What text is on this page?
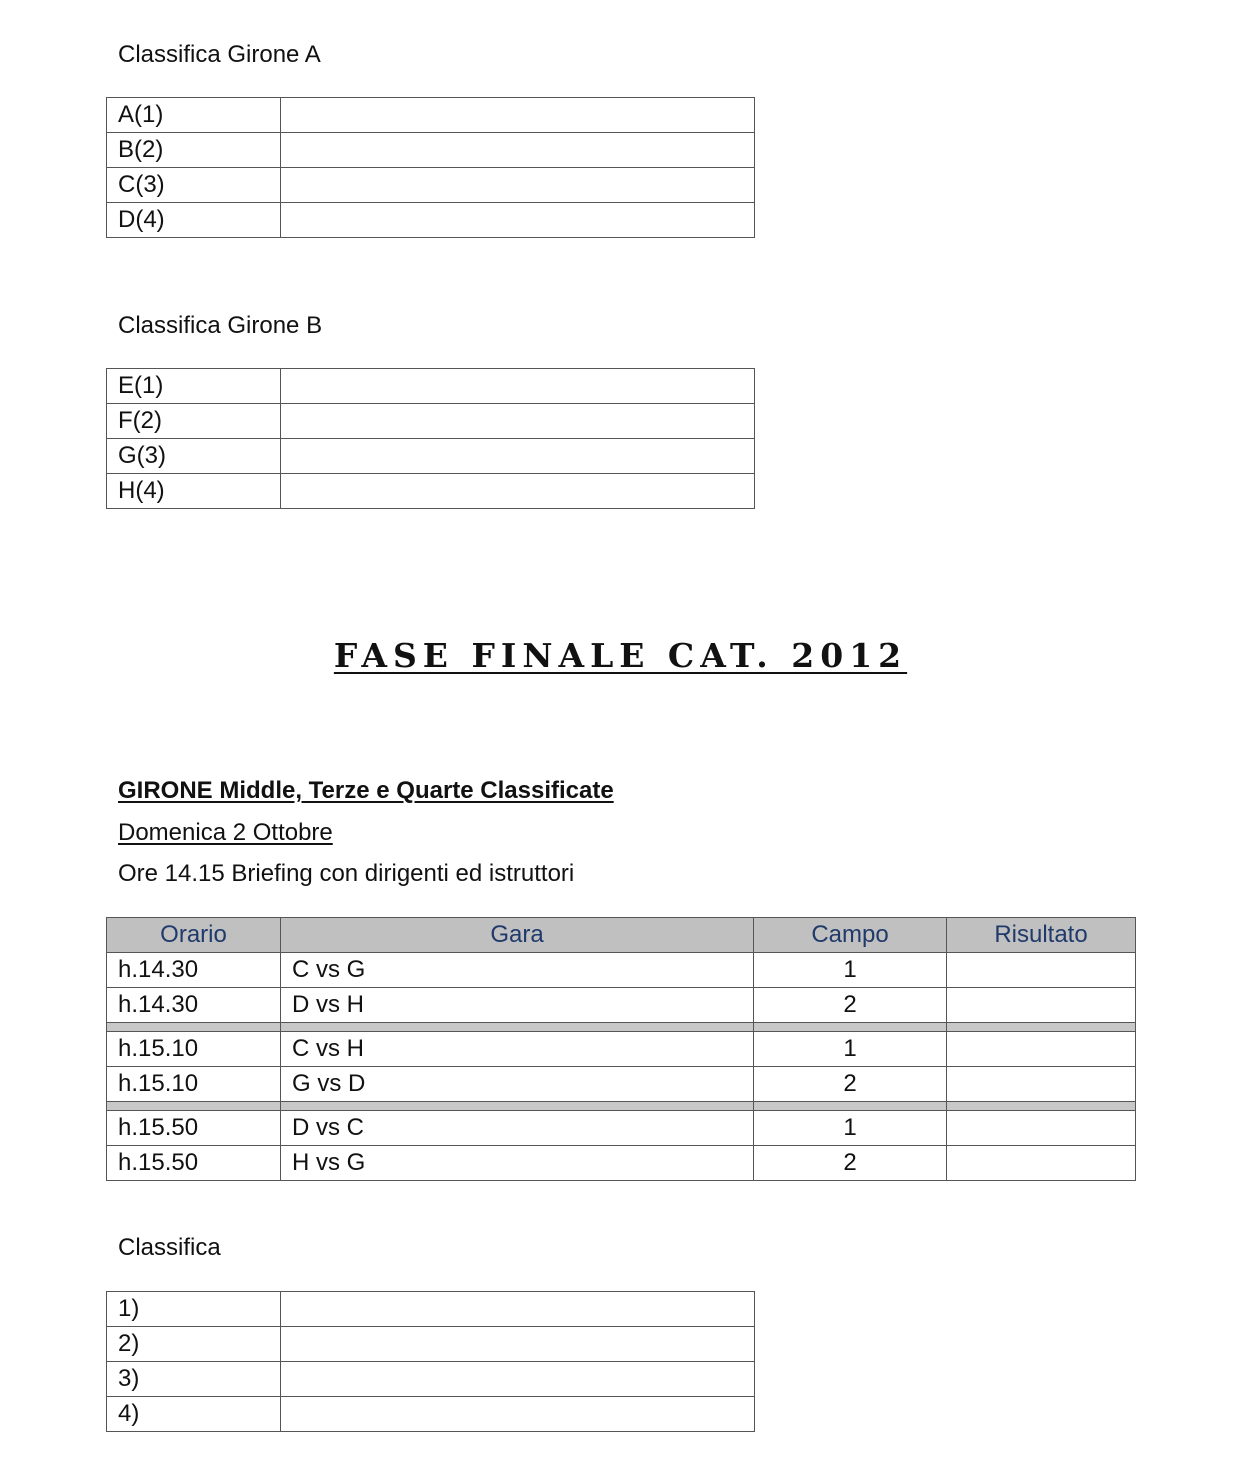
Classifica Girone A
A(1)	
B(2)	
C(3)	
D(4)	
Classifica Girone B
E(1)	
F(2)	
G(3)	
H(4)	
FASE FINALE CAT. 2012
GIRONE Middle, Terze e Quarte Classificate
Domenica 2 Ottobre
Ore 14.15 Briefing con dirigenti ed istruttori
Orario	Gara	Campo	Risultato
h.14.30	C vs G	1	
h.14.30	D vs H	2	

h.15.10	C vs H	1	
h.15.10	G vs D	2	

h.15.50	D vs C	1	
h.15.50	H vs G	2	
Classifica
1)	
2)	
3)	
4)	
